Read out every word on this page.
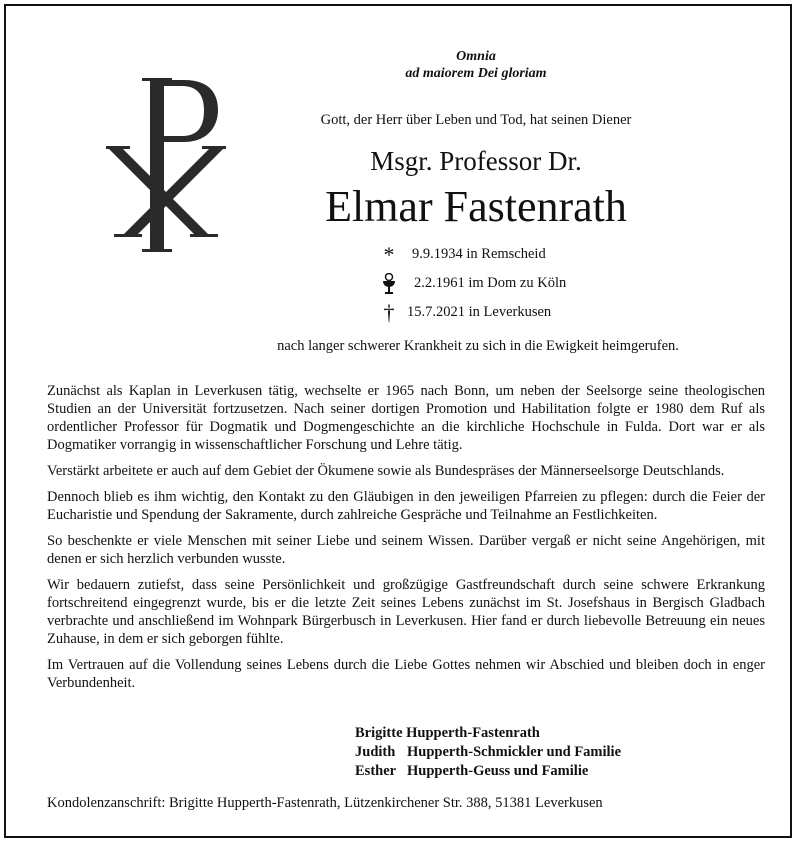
Omnia
ad maiorem Dei gloriam
Gott, der Herr über Leben und Tod, hat seinen Diener
Msgr. Professor Dr.
Elmar Fastenrath
*	9.9.1934 in Remscheid
2.2.1961 im Dom zu Köln
† 15.7.2021 in Leverkusen
nach langer schwerer Krankheit zu sich in die Ewigkeit heimgerufen.

Zunächst als Kaplan in Leverkusen tätig, wechselte er 1965 nach Bonn, um neben der Seelsorge seine theologischen Studien an der Universität fortzusetzen. Nach seiner dortigen Promotion und Habilitation folgte er 1980 dem Ruf als ordentlicher Professor für Dogmatik und Dogmengeschichte an die kirchliche Hochschule in Fulda. Dort war er als Dogmatiker vorrangig in wissenschaftlicher Forschung und Lehre tätig.

Verstärkt arbeitete er auch auf dem Gebiet der Ökumene sowie als Bundespräses der Männerseelsorge Deutschlands.

Dennoch blieb es ihm wichtig, den Kontakt zu den Gläubigen in den jeweiligen Pfarreien zu pflegen: durch die Feier der Eucharistie und Spendung der Sakramente, durch zahlreiche Gespräche und Teilnahme an Festlichkeiten.

So beschenkte er viele Menschen mit seiner Liebe und seinem Wissen. Darüber vergaß er nicht seine Angehörigen, mit denen er sich herzlich verbunden wusste.

Wir bedauern zutiefst, dass seine Persönlichkeit und großzügige Gastfreundschaft durch seine schwere Erkrankung fortschreitend eingegrenzt wurde, bis er die letzte Zeit seines Lebens zunächst im St. Josefshaus in Bergisch Gladbach verbrachte und anschließend im Wohnpark Bürgerbusch in Leverkusen. Hier fand er durch liebevolle Betreuung ein neues Zuhause, in dem er sich geborgen fühlte.

Im Vertrauen auf die Vollendung seines Lebens durch die Liebe Gottes nehmen wir Abschied und bleiben doch in enger Verbundenheit.

Brigitte Hupperth-Fastenrath
Judith Hupperth-Schmickler und Familie
Esther Hupperth-Geuss und Familie
Kondolenzanschrift: Brigitte Hupperth-Fastenrath, Lützenkirchener Str. 388, 51381 Leverkusen
